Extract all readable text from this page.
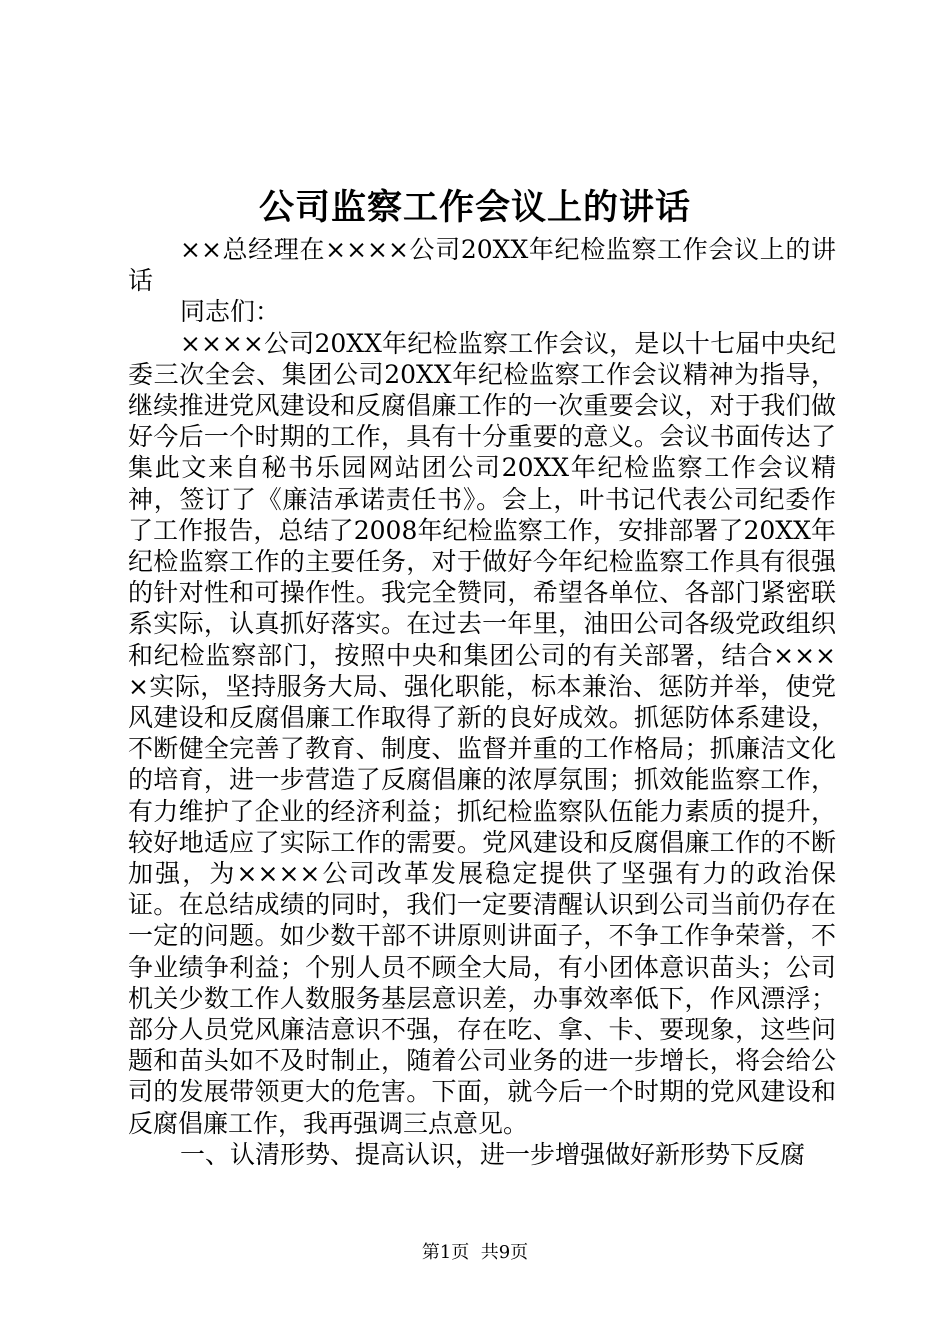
公司监察工作会议上的讲话

××总经理在××××公司20XX年纪检监察工作会议上的讲话

同志们：

××××公司20XX年纪检监察工作会议，是以十七届中央纪委三次全会、集团公司20XX年纪检监察工作会议精神为指导，继续推进党风建设和反腐倡廉工作的一次重要会议，对于我们做好今后一个时期的工作，具有十分重要的意义。会议书面传达了集此文来自秘书乐园网站团公司20XX年纪检监察工作会议精神，签订了《廉洁承诺责任书》。会上，叶书记代表公司纪委作了工作报告，总结了2008年纪检监察工作，安排部署了20XX年纪检监察工作的主要任务，对于做好今年纪检监察工作具有很强的针对性和可操作性。我完全赞同，希望各单位、各部门紧密联系实际，认真抓好落实。在过去一年里，油田公司各级党政组织和纪检监察部门，按照中央和集团公司的有关部署，结合××××实际，坚持服务大局、强化职能，标本兼治、惩防并举，使党风建设和反腐倡廉工作取得了新的良好成效。抓惩防体系建设，不断健全完善了教育、制度、监督并重的工作格局；抓廉洁文化的培育，进一步营造了反腐倡廉的浓厚氛围；抓效能监察工作，有力维护了企业的经济利益；抓纪检监察队伍能力素质的提升，较好地适应了实际工作的需要。党风建设和反腐倡廉工作的不断加强，为××××公司改革发展稳定提供了坚强有力的政治保证。在总结成绩的同时，我们一定要清醒认识到公司当前仍存在一定的问题。如少数干部不讲原则讲面子，不争工作争荣誉，不争业绩争利益；个别人员不顾全大局，有小团体意识苗头；公司机关少数工作人数服务基层意识差，办事效率低下，作风漂浮；部分人员党风廉洁意识不强，存在吃、拿、卡、要现象，这些问题和苗头如不及时制止，随着公司业务的进一步增长，将会给公司的发展带领更大的危害。下面，就今后一个时期的党风建设和反腐倡廉工作，我再强调三点意见。

一、认清形势、提高认识，进一步增强做好新形势下反腐

第1页  共9页
